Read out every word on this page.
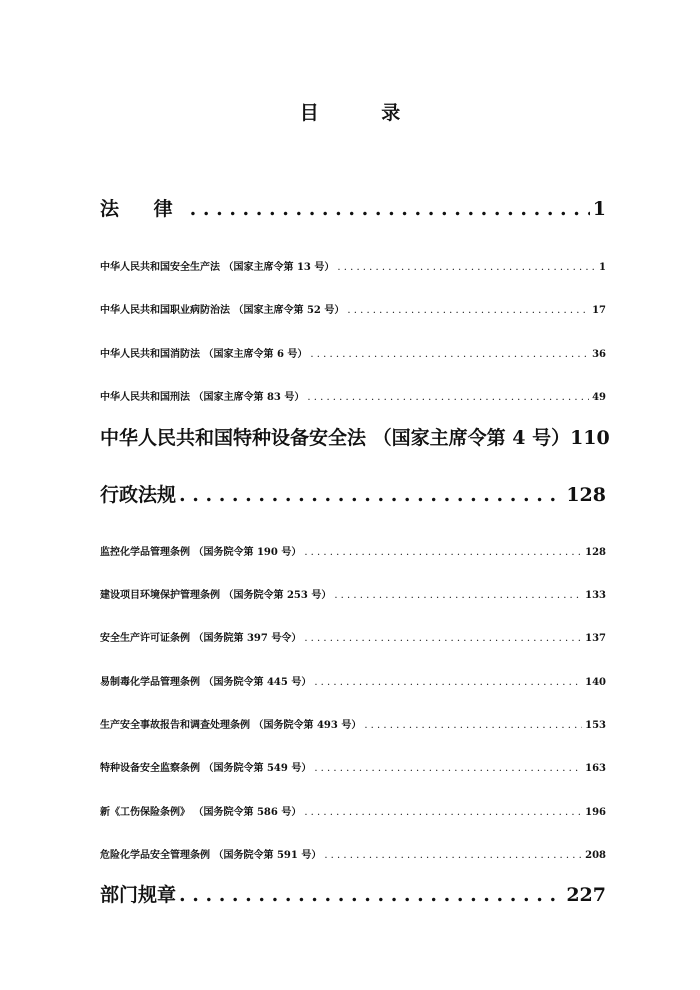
目 录
法 律 . . .	1
中华人民共和国安全生产法 （国家主席令第 13 号） . . .	1
中华人民共和国职业病防治法 （国家主席令第 52 号） . . .	17
中华人民共和国消防法 （国家主席令第 6 号） . . .	36
中华人民共和国刑法 （国家主席令第 83 号） . . .	49
中华人民共和国特种设备安全法 （国家主席令第 4 号） 110
行政法规 . . .	128
监控化学品管理条例 （国务院令第 190 号） . . .	128
建设项目环境保护管理条例 （国务院令第 253 号） . . .	133
安全生产许可证条例 （国务院第 397 号令） . . .	137
易制毒化学品管理条例 （国务院令第 445 号） . . .	140
生产安全事故报告和调查处理条例 （国务院令第 493 号） . . .	153
特种设备安全监察条例 （国务院令第 549 号） . . .	163
新《工伤保险条例》 （国务院令第 586 号） . . .	196
危险化学品安全管理条例 （国务院令第 591 号） . . .	208
部门规章 . . .	227
